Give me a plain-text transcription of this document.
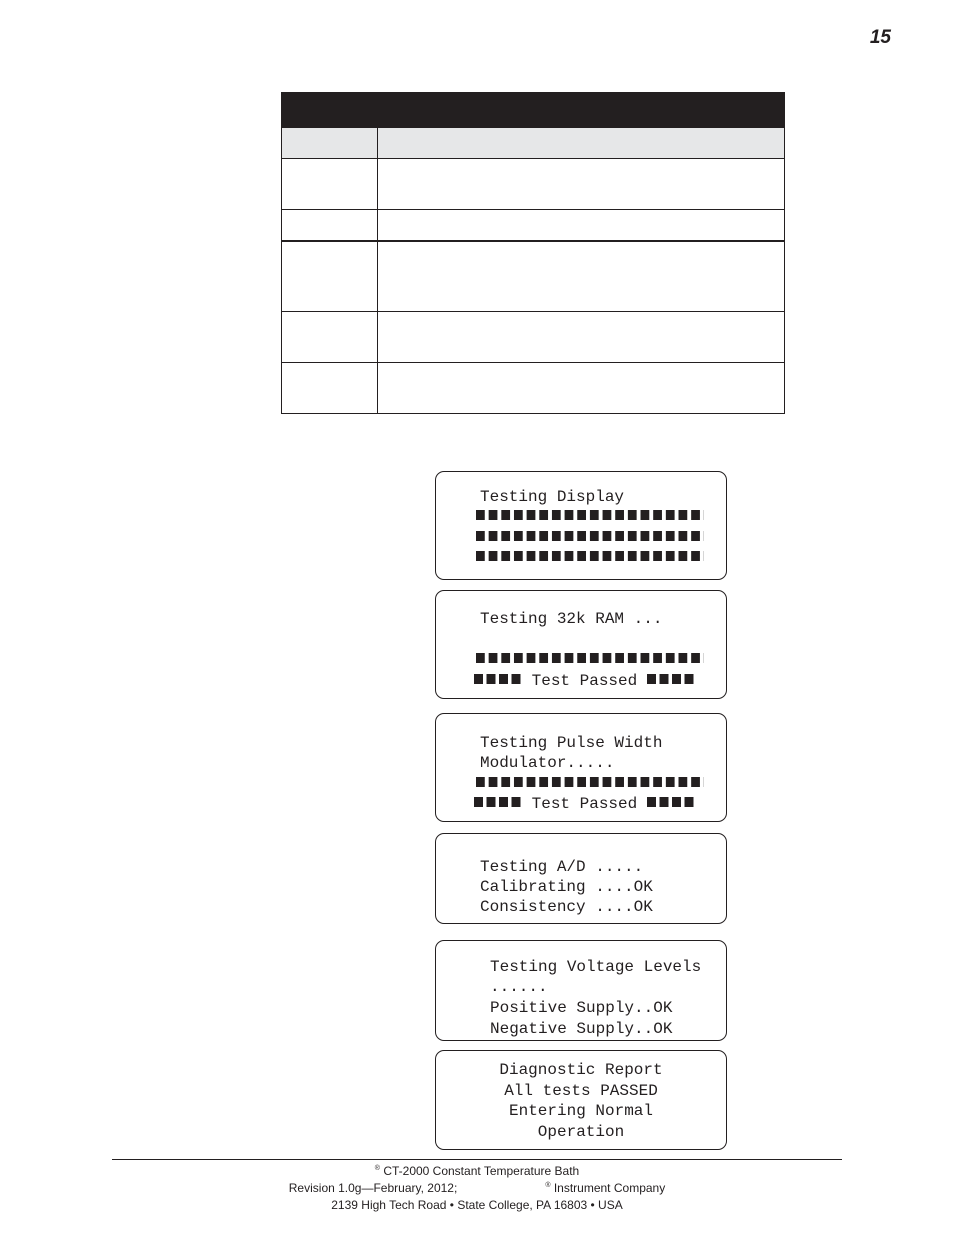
15

Testing Display
Testing 32k RAM ...
Test Passed
Testing Pulse Width
Modulator.....
Test Passed
Testing A/D .....
Calibrating ....OK
Consistency ....OK
Testing Voltage Levels
......
Positive Supply..OK
Negative Supply..OK
Diagnostic Report
All tests PASSED
Entering Normal
Operation
® CT-2000 Constant Temperature Bath
Revision 1.0g—February, 2012;	® Instrument Company
2139 High Tech Road • State College, PA 16803 • USA
